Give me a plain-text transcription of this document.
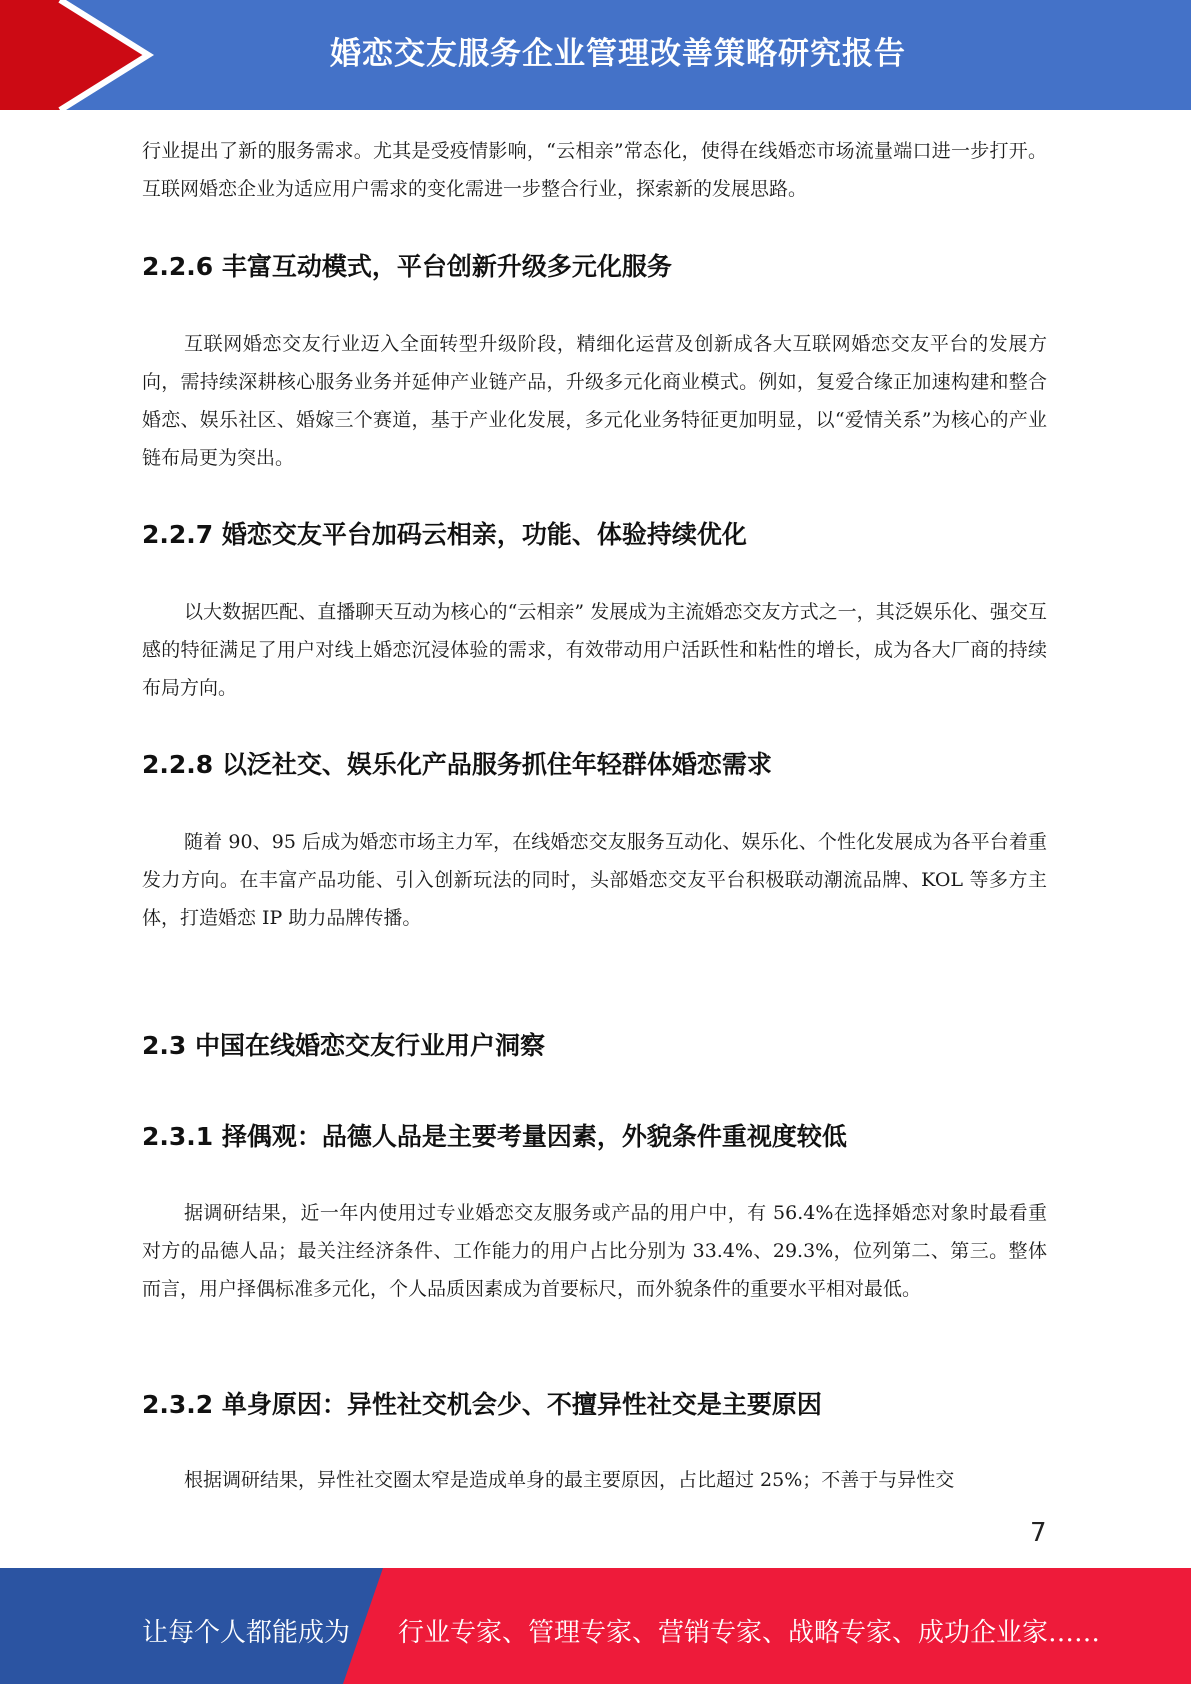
婚恋交友服务企业管理改善策略研究报告

行业提出了新的服务需求。尤其是受疫情影响，“云相亲”常态化，使得在线婚恋市场流量端口进一步打开。互联网婚恋企业为适应用户需求的变化需进一步整合行业，探索新的发展思路。

2.2.6 丰富互动模式，平台创新升级多元化服务

互联网婚恋交友行业迈入全面转型升级阶段，精细化运营及创新成各大互联网婚恋交友平台的发展方向，需持续深耕核心服务业务并延伸产业链产品，升级多元化商业模式。例如，复爱合缘正加速构建和整合婚恋、娱乐社区、婚嫁三个赛道，基于产业化发展，多元化业务特征更加明显，以“爱情关系”为核心的产业链布局更为突出。

2.2.7 婚恋交友平台加码云相亲，功能、体验持续优化

以大数据匹配、直播聊天互动为核心的“云相亲” 发展成为主流婚恋交友方式之一，其泛娱乐化、强交互感的特征满足了用户对线上婚恋沉浸体验的需求，有效带动用户活跃性和粘性的增长，成为各大厂商的持续布局方向。

2.2.8 以泛社交、娱乐化产品服务抓住年轻群体婚恋需求

随着 90、95 后成为婚恋市场主力军，在线婚恋交友服务互动化、娱乐化、个性化发展成为各平台着重发力方向。在丰富产品功能、引入创新玩法的同时，头部婚恋交友平台积极联动潮流品牌、KOL 等多方主体，打造婚恋 IP 助力品牌传播。

2.3 中国在线婚恋交友行业用户洞察
2.3.1 择偶观：品德人品是主要考量因素，外貌条件重视度较低

据调研结果，近一年内使用过专业婚恋交友服务或产品的用户中，有 56.4%在选择婚恋对象时最看重对方的品德人品；最关注经济条件、工作能力的用户占比分别为 33.4%、29.3%，位列第二、第三。整体而言，用户择偶标准多元化，个人品质因素成为首要标尺，而外貌条件的重要水平相对最低。

2.3.2 单身原因：异性社交机会少、不擅异性社交是主要原因

根据调研结果，异性社交圈太窄是造成单身的最主要原因，占比超过 25%；不善于与异性交

7
让每个人都能成为 行业专家、管理专家、营销专家、战略专家、成功企业家……
